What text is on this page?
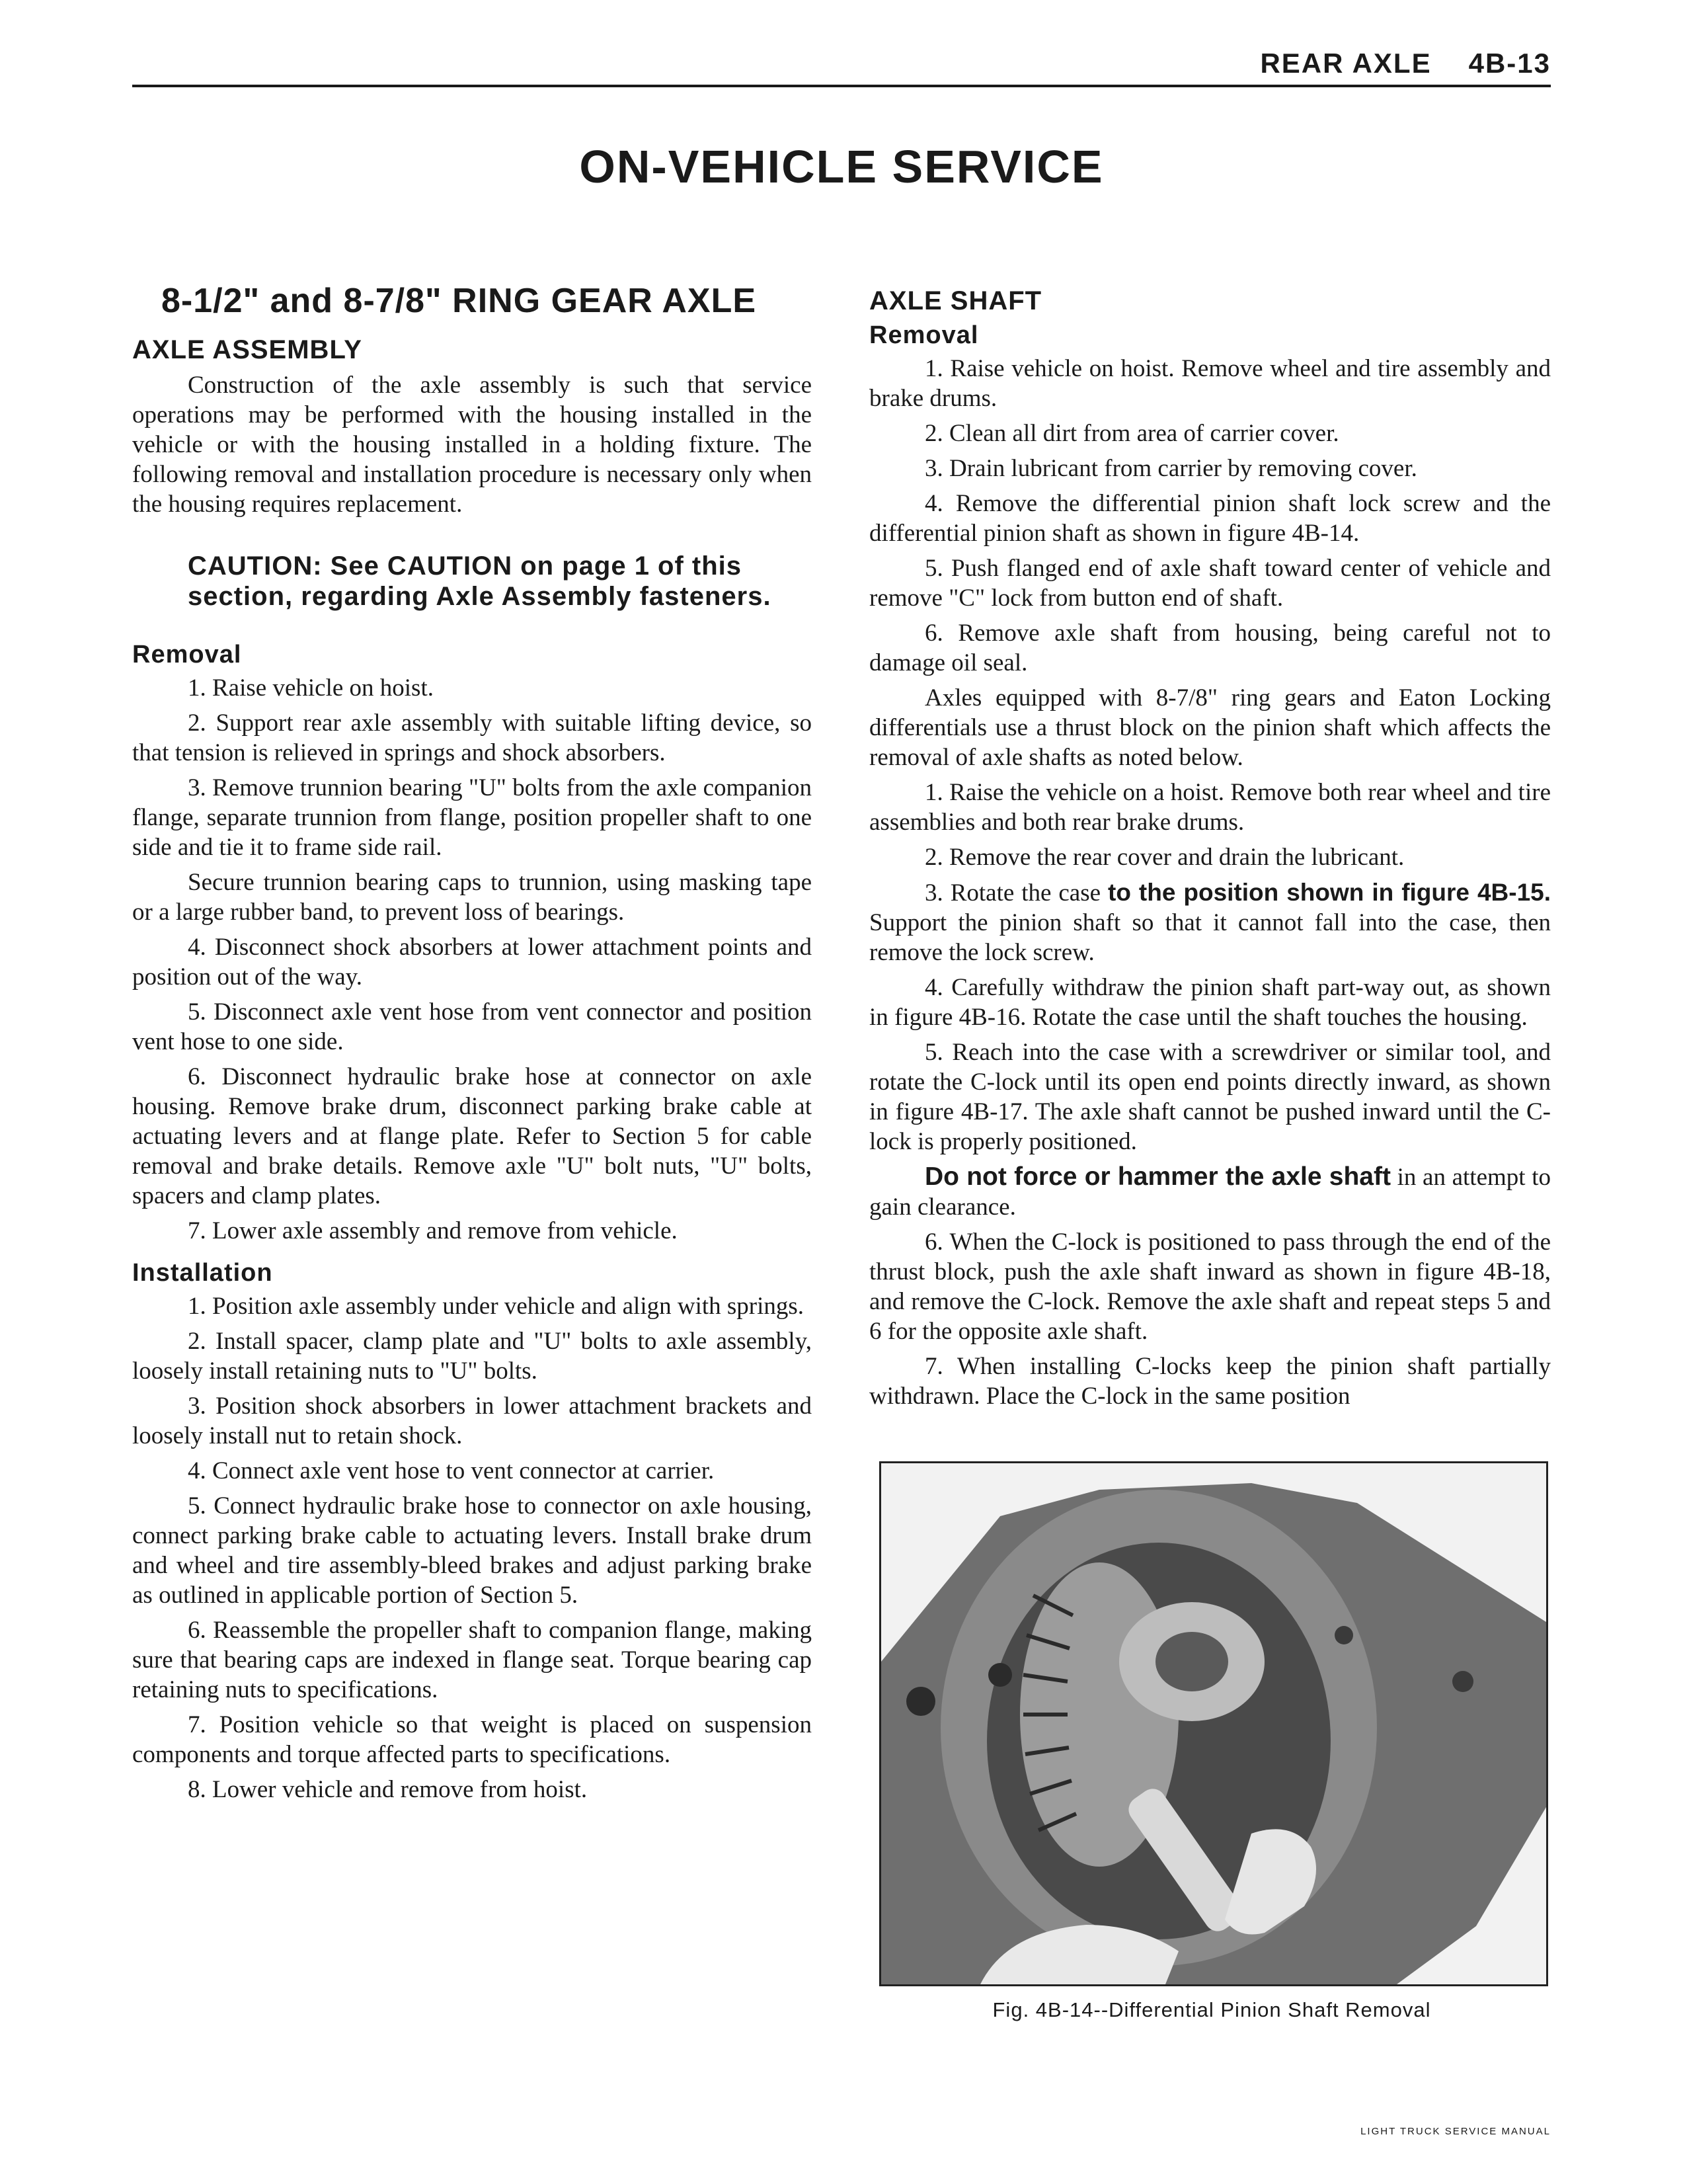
REAR AXLE 4B-13
ON-VEHICLE SERVICE
8-1/2" and 8-7/8" RING GEAR AXLE
AXLE ASSEMBLY

Construction of the axle assembly is such that service operations may be performed with the housing installed in the vehicle or with the housing installed in a holding fixture. The following removal and installation procedure is necessary only when the housing requires replacement.

CAUTION: See CAUTION on page 1 of this section, regarding Axle Assembly fasteners.
Removal

1. Raise vehicle on hoist.

2. Support rear axle assembly with suitable lifting device, so that tension is relieved in springs and shock absorbers.

3. Remove trunnion bearing "U" bolts from the axle companion flange, separate trunnion from flange, position propeller shaft to one side and tie it to frame side rail.

Secure trunnion bearing caps to trunnion, using masking tape or a large rubber band, to prevent loss of bearings.

4. Disconnect shock absorbers at lower attachment points and position out of the way.

5. Disconnect axle vent hose from vent connector and position vent hose to one side.

6. Disconnect hydraulic brake hose at connector on axle housing. Remove brake drum, disconnect parking brake cable at actuating levers and at flange plate. Refer to Section 5 for cable removal and brake details. Remove axle "U" bolt nuts, "U" bolts, spacers and clamp plates.

7. Lower axle assembly and remove from vehicle.

Installation

1. Position axle assembly under vehicle and align with springs.

2. Install spacer, clamp plate and "U" bolts to axle assembly, loosely install retaining nuts to "U" bolts.

3. Position shock absorbers in lower attachment brackets and loosely install nut to retain shock.

4. Connect axle vent hose to vent connector at carrier.

5. Connect hydraulic brake hose to connector on axle housing, connect parking brake cable to actuating levers. Install brake drum and wheel and tire assembly-bleed brakes and adjust parking brake as outlined in applicable portion of Section 5.

6. Reassemble the propeller shaft to companion flange, making sure that bearing caps are indexed in flange seat. Torque bearing cap retaining nuts to specifications.

7. Position vehicle so that weight is placed on suspension components and torque affected parts to specifications.

8. Lower vehicle and remove from hoist.

AXLE SHAFT
Removal

1. Raise vehicle on hoist. Remove wheel and tire assembly and brake drums.

2. Clean all dirt from area of carrier cover.

3. Drain lubricant from carrier by removing cover.

4. Remove the differential pinion shaft lock screw and the differential pinion shaft as shown in figure 4B-14.

5. Push flanged end of axle shaft toward center of vehicle and remove "C" lock from button end of shaft.

6. Remove axle shaft from housing, being careful not to damage oil seal.

Axles equipped with 8-7/8" ring gears and Eaton Locking differentials use a thrust block on the pinion shaft which affects the removal of axle shafts as noted below.

1. Raise the vehicle on a hoist. Remove both rear wheel and tire assemblies and both rear brake drums.

2. Remove the rear cover and drain the lubricant.

3. Rotate the case to the position shown in figure 4B-15. Support the pinion shaft so that it cannot fall into the case, then remove the lock screw.

4. Carefully withdraw the pinion shaft part-way out, as shown in figure 4B-16. Rotate the case until the shaft touches the housing.

5. Reach into the case with a screwdriver or similar tool, and rotate the C-lock until its open end points directly inward, as shown in figure 4B-17. The axle shaft cannot be pushed inward until the C-lock is properly positioned.

Do not force or hammer the axle shaft in an attempt to gain clearance.

6. When the C-lock is positioned to pass through the end of the thrust block, push the axle shaft inward as shown in figure 4B-18, and remove the C-lock. Remove the axle shaft and repeat steps 5 and 6 for the opposite axle shaft.

7. When installing C-locks keep the pinion shaft partially withdrawn. Place the C-lock in the same position

Fig. 4B-14--Differential Pinion Shaft Removal
LIGHT TRUCK SERVICE MANUAL
